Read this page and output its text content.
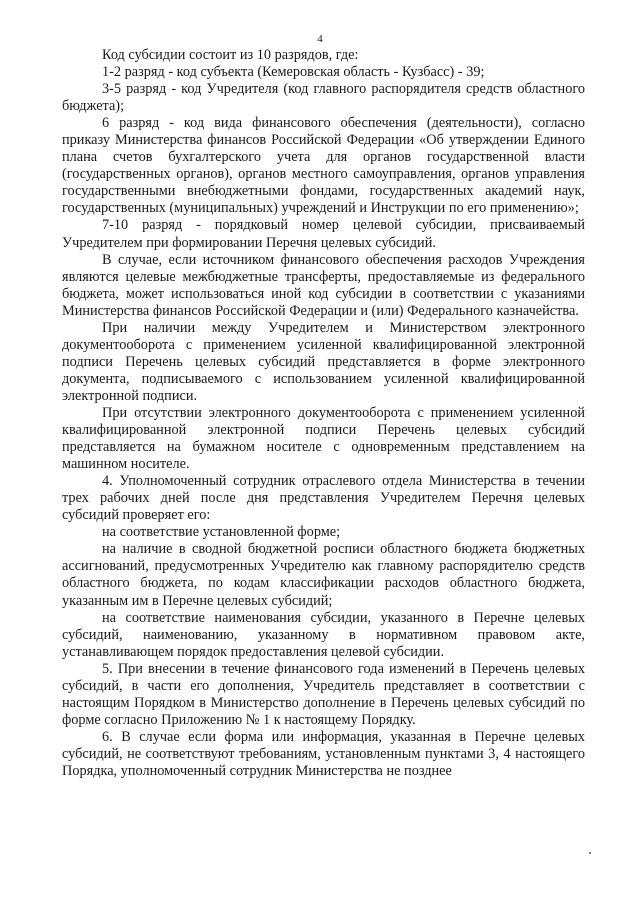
4

Код субсидии состоит из 10 разрядов, где:

1-2 разряд - код субъекта (Кемеровская область - Кузбасс) - 39;

3-5 разряд - код Учредителя (код главного распорядителя средств областного бюджета);

6 разряд - код вида финансового обеспечения (деятельности), согласно приказу Министерства финансов Российской Федерации «Об утверждении Единого плана счетов бухгалтерского учета для органов государственной власти (государственных органов), органов местного самоуправления, органов управления государственными внебюджетными фондами, государственных академий наук, государственных (муниципальных) учреждений и Инструкции по его применению»;

7-10 разряд - порядковый номер целевой субсидии, присваиваемый Учредителем при формировании Перечня целевых субсидий.

В случае, если источником финансового обеспечения расходов Учреждения являются целевые межбюджетные трансферты, предоставляемые из федерального бюджета, может использоваться иной код субсидии в соответствии с указаниями Министерства финансов Российской Федерации и (или) Федерального казначейства.

При наличии между Учредителем и Министерством электронного документооборота с применением усиленной квалифицированной электронной подписи Перечень целевых субсидий представляется в форме электронного документа, подписываемого с использованием усиленной квалифицированной электронной подписи.

При отсутствии электронного документооборота с применением усиленной квалифицированной электронной подписи Перечень целевых субсидий представляется на бумажном носителе с одновременным представлением на машинном носителе.

4. Уполномоченный сотрудник отраслевого отдела Министерства в течении трех рабочих дней после дня представления Учредителем Перечня целевых субсидий проверяет его:

на соответствие установленной форме;

на наличие в сводной бюджетной росписи областного бюджета бюджетных ассигнований, предусмотренных Учредителю как главному распорядителю средств областного бюджета, по кодам классификации расходов областного бюджета, указанным им в Перечне целевых субсидий;

на соответствие наименования субсидии, указанного в Перечне целевых субсидий, наименованию, указанному в нормативном правовом акте, устанавливающем порядок предоставления целевой субсидии.

5. При внесении в течение финансового года изменений в Перечень целевых субсидий, в части его дополнения, Учредитель представляет в соответствии с настоящим Порядком в Министерство дополнение в Перечень целевых субсидий по форме согласно Приложению № 1 к настоящему Порядку.

6. В случае если форма или информация, указанная в Перечне целевых субсидий, не соответствуют требованиям, установленным пунктами 3, 4 настоящего Порядка, уполномоченный сотрудник Министерства не позднее
